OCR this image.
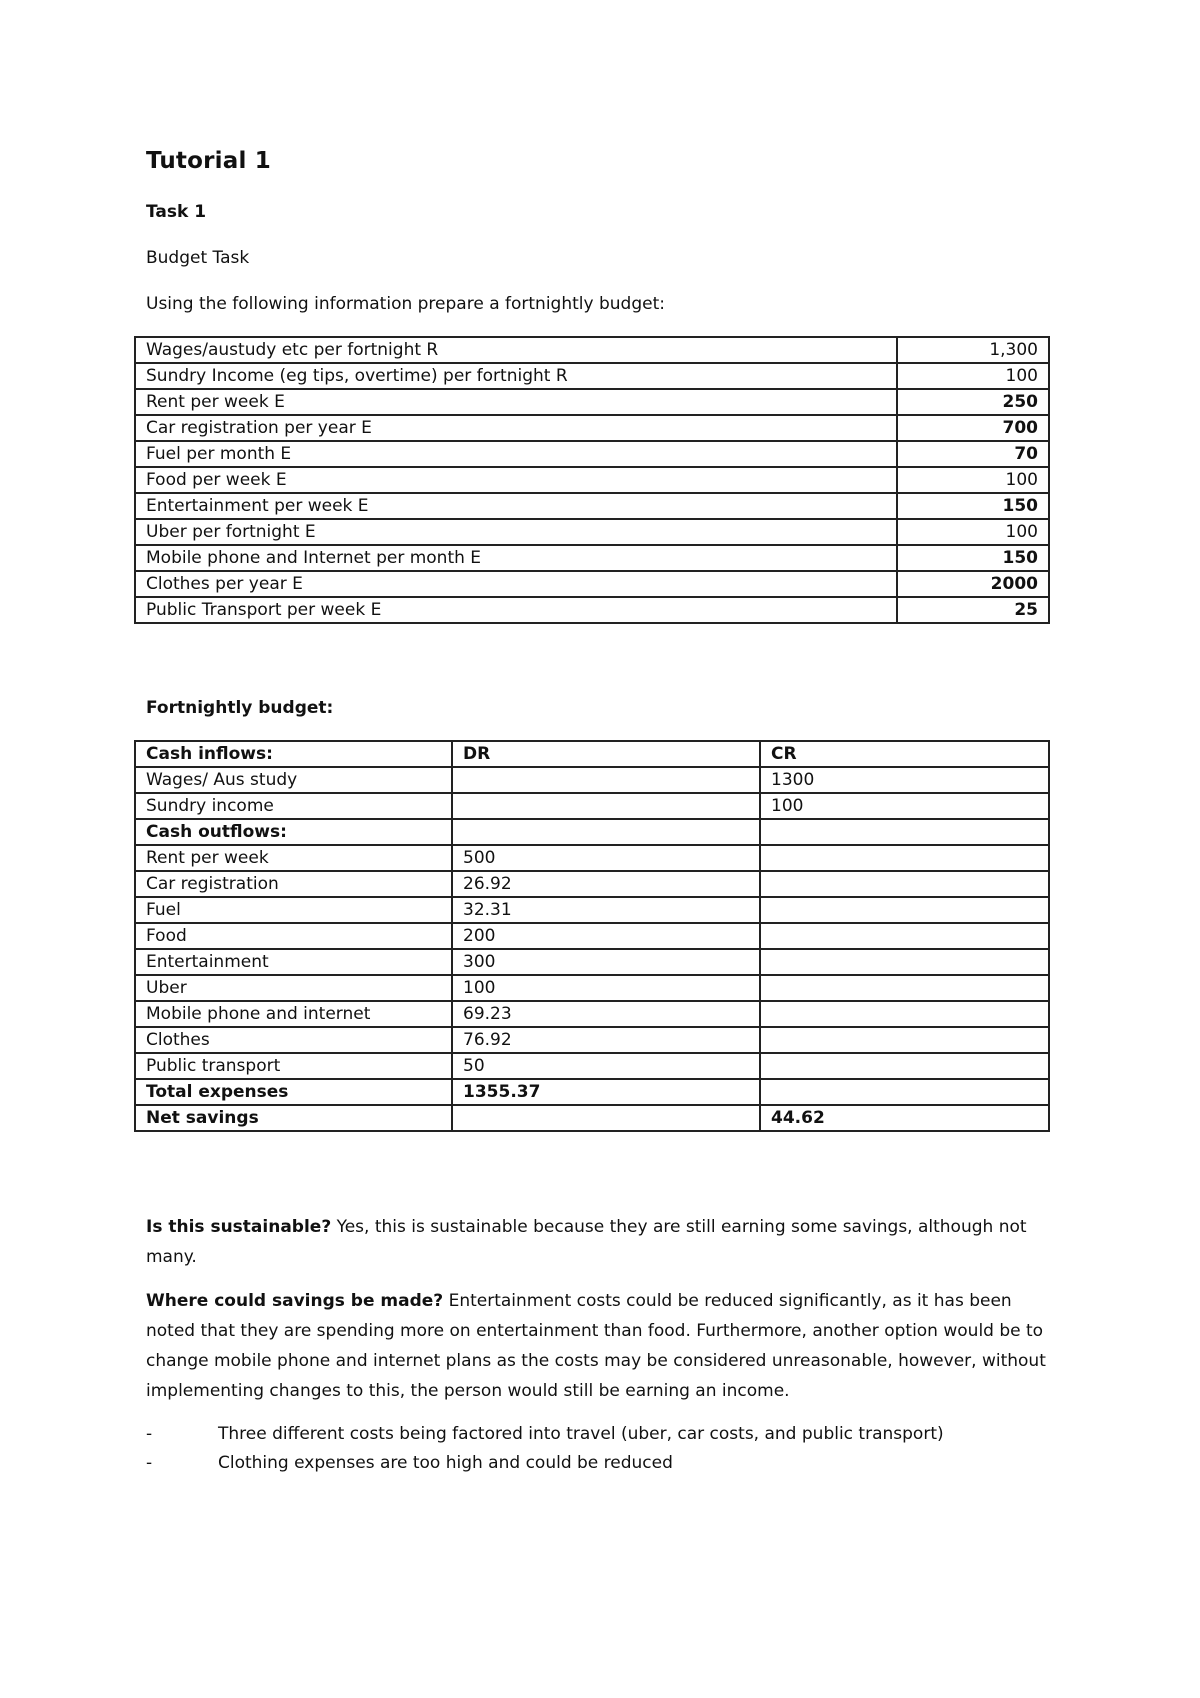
Tutorial 1
Task 1
Budget Task
Using the following information prepare a fortnightly budget:
Wages/austudy etc per fortnight R	1,300
Sundry Income (eg tips, overtime) per fortnight R	100
Rent per week E	250
Car registration per year E	700
Fuel per month E	70
Food per week E	100
Entertainment per week E	150
Uber per fortnight E	100
Mobile phone and Internet per month E	150
Clothes per year E	2000
Public Transport per week E	25
Fortnightly budget:
Cash inflows:	DR	CR
Wages/ Aus study		1300
Sundry income		100
Cash outflows:		
Rent per week	500	
Car registration	26.92	
Fuel	32.31	
Food	200	
Entertainment	300	
Uber	100	
Mobile phone and internet	69.23	
Clothes	76.92	
Public transport	50	
Total expenses	1355.37	
Net savings		44.62
Is this sustainable? Yes, this is sustainable because they are still earning some savings, although not many.
Where could savings be made? Entertainment costs could be reduced significantly, as it has been noted that they are spending more on entertainment than food. Furthermore, another option would be to change mobile phone and internet plans as the costs may be considered unreasonable, however, without implementing changes to this, the person would still be earning an income.
-	Three different costs being factored into travel (uber, car costs, and public transport)
-	Clothing expenses are too high and could be reduced
